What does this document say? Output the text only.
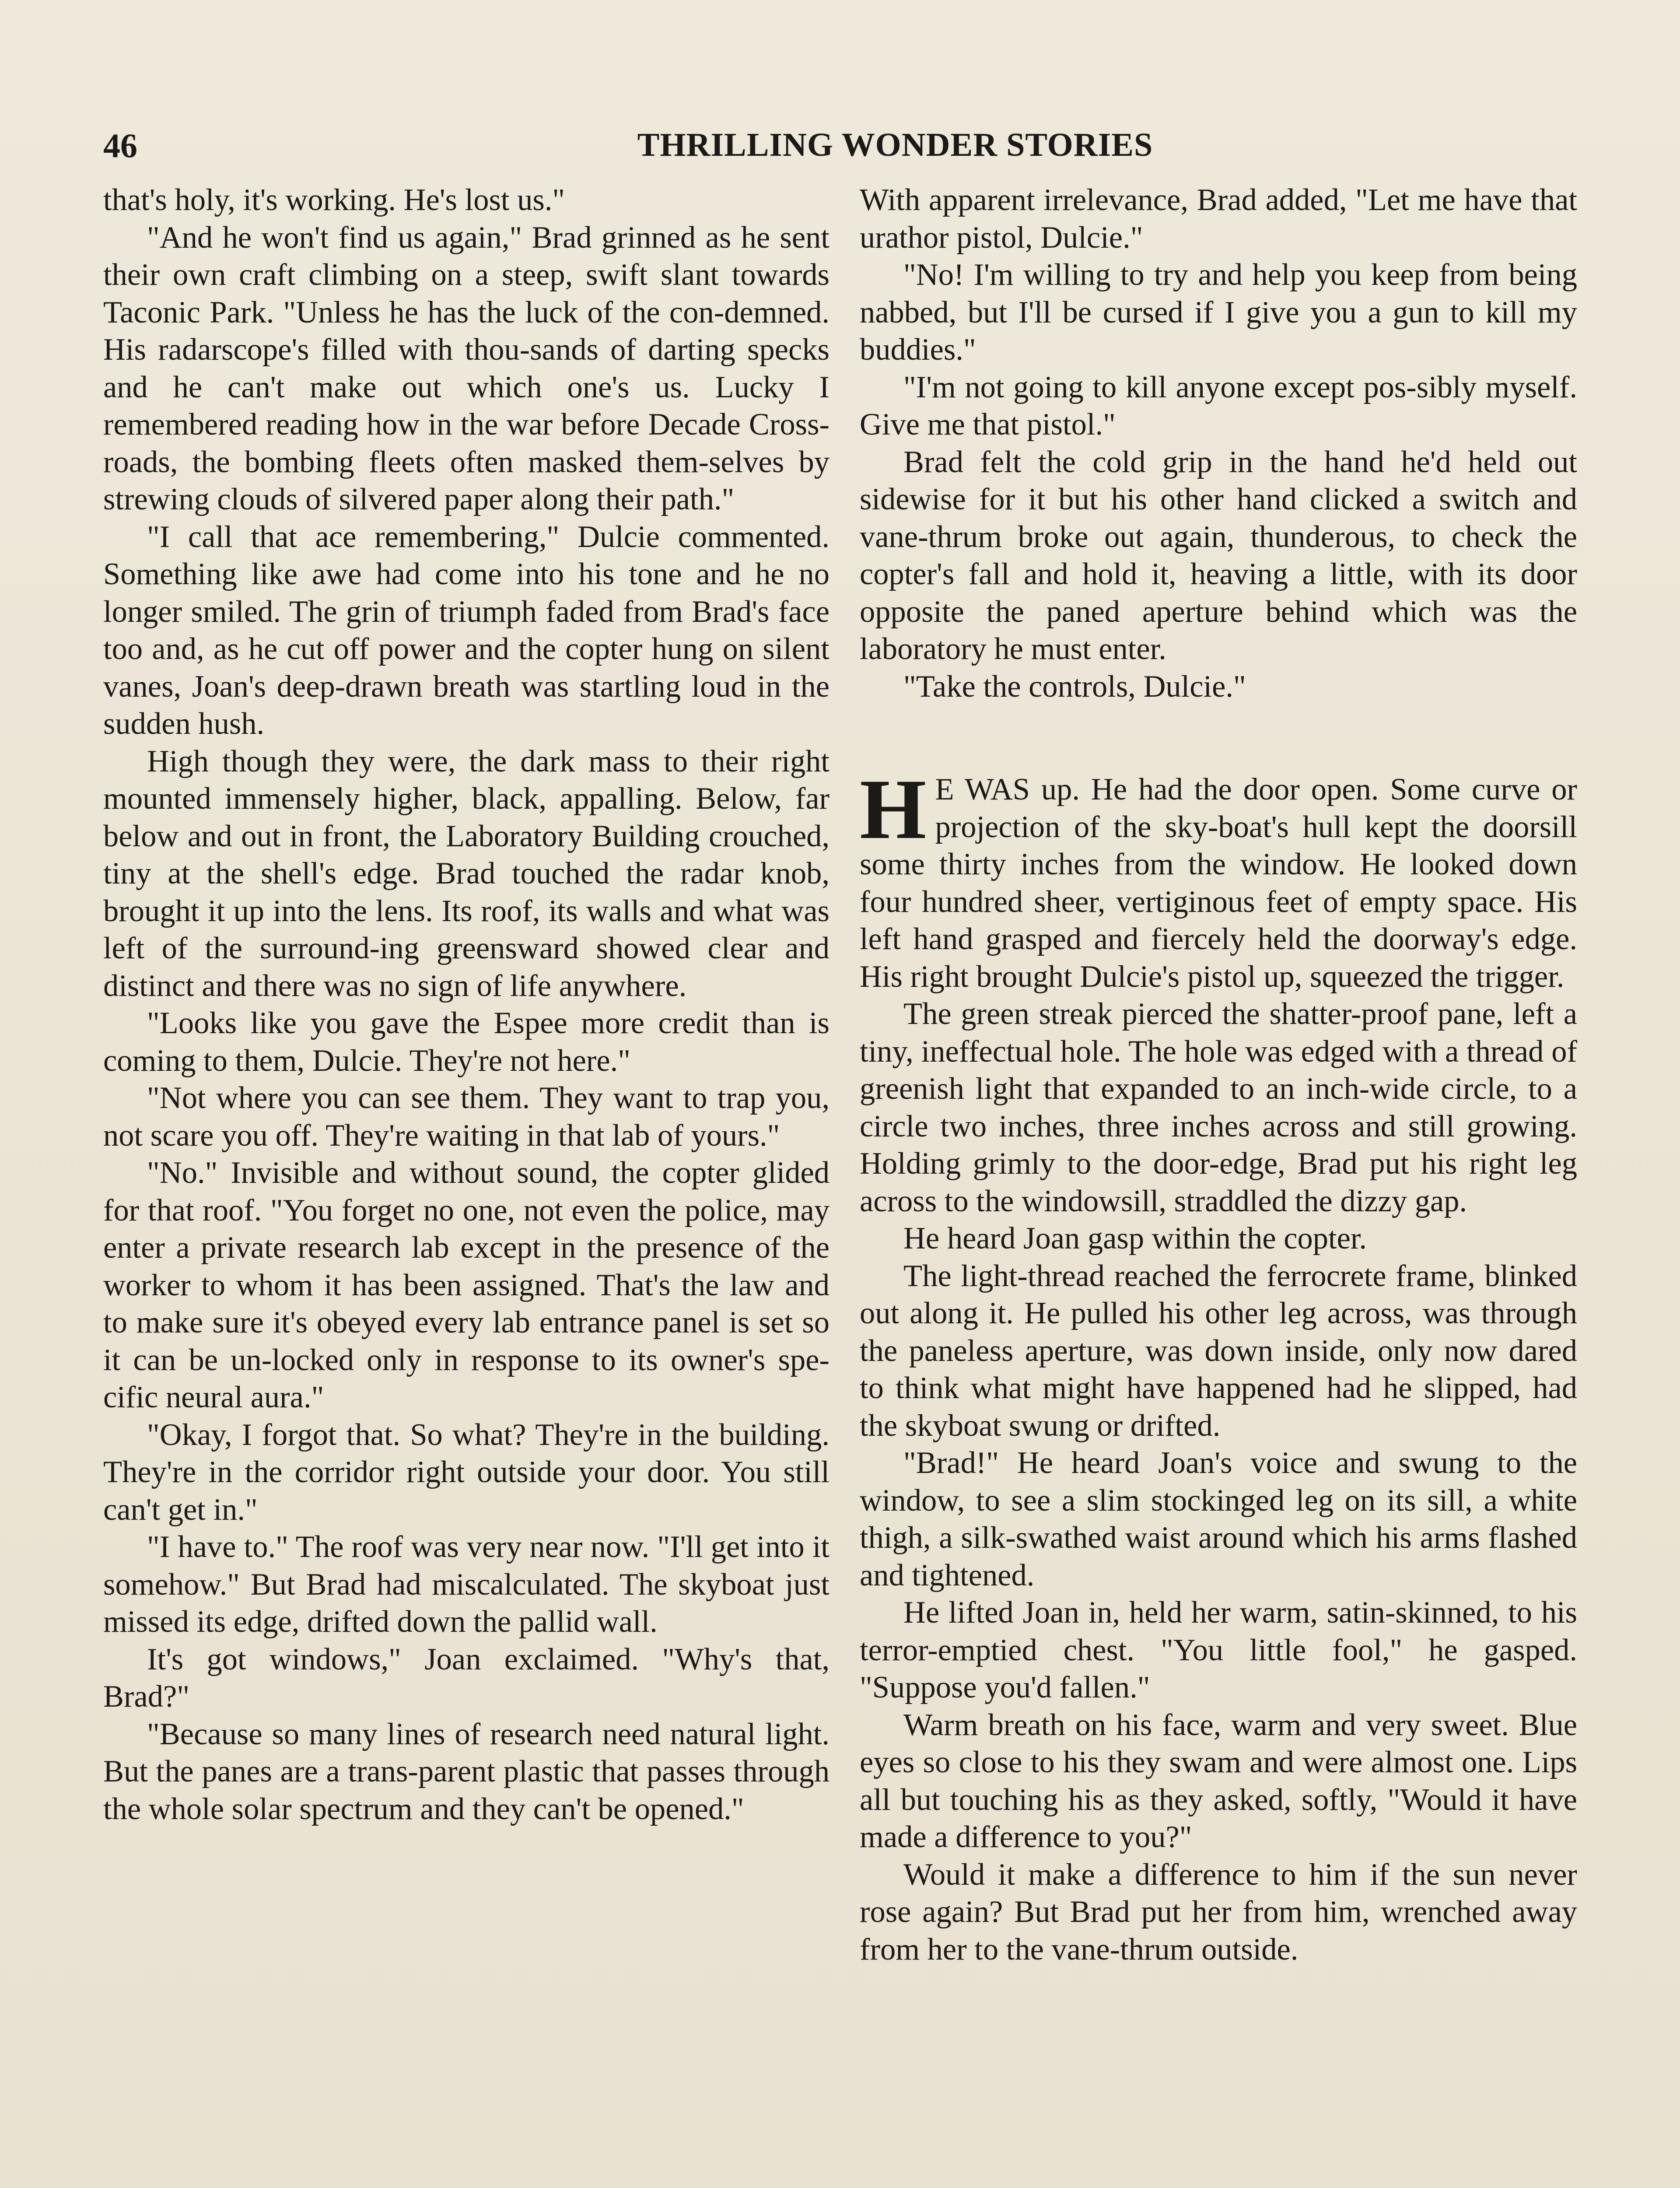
46	THRILLING WONDER STORIES

that's holy, it's working. He's lost us."

"And he won't find us again," Brad grinned as he sent their own craft climbing on a steep, swift slant towards Taconic Park. "Unless he has the luck of the con-demned. His radarscope's filled with thou-sands of darting specks and he can't make out which one's us. Lucky I remembered reading how in the war before Decade Cross-roads, the bombing fleets often masked them-selves by strewing clouds of silvered paper along their path."

"I call that ace remembering," Dulcie commented. Something like awe had come into his tone and he no longer smiled. The grin of triumph faded from Brad's face too and, as he cut off power and the copter hung on silent vanes, Joan's deep-drawn breath was startling loud in the sudden hush.

High though they were, the dark mass to their right mounted immensely higher, black, appalling. Below, far below and out in front, the Laboratory Building crouched, tiny at the shell's edge. Brad touched the radar knob, brought it up into the lens. Its roof, its walls and what was left of the surround-ing greensward showed clear and distinct and there was no sign of life anywhere.

"Looks like you gave the Espee more credit than is coming to them, Dulcie. They're not here."

"Not where you can see them. They want to trap you, not scare you off. They're waiting in that lab of yours."

"No." Invisible and without sound, the copter glided for that roof. "You forget no one, not even the police, may enter a private research lab except in the presence of the worker to whom it has been assigned. That's the law and to make sure it's obeyed every lab entrance panel is set so it can be un-locked only in response to its owner's spe-cific neural aura."

"Okay, I forgot that. So what? They're in the building. They're in the corridor right outside your door. You still can't get in."

"I have to." The roof was very near now. "I'll get into it somehow." But Brad had miscalculated. The skyboat just missed its edge, drifted down the pallid wall.

It's got windows," Joan exclaimed. "Why's that, Brad?"

"Because so many lines of research need natural light. But the panes are a trans-parent plastic that passes through the whole solar spectrum and they can't be opened."

With apparent irrelevance, Brad added, "Let me have that urathor pistol, Dulcie."

"No! I'm willing to try and help you keep from being nabbed, but I'll be cursed if I give you a gun to kill my buddies."

"I'm not going to kill anyone except pos-sibly myself. Give me that pistol."

Brad felt the cold grip in the hand he'd held out sidewise for it but his other hand clicked a switch and vane-thrum broke out again, thunderous, to check the copter's fall and hold it, heaving a little, with its door opposite the paned aperture behind which was the laboratory he must enter.

"Take the controls, Dulcie."

H E WAS up. He had the door open. Some curve or projection of the sky-boat's hull kept the doorsill some thirty inches from the window. He looked down four hundred sheer, vertiginous feet of empty space. His left hand grasped and fiercely held the doorway's edge. His right brought Dulcie's pistol up, squeezed the trigger.

The green streak pierced the shatter-proof pane, left a tiny, ineffectual hole. The hole was edged with a thread of greenish light that expanded to an inch-wide circle, to a circle two inches, three inches across and still growing. Holding grimly to the door-edge, Brad put his right leg across to the windowsill, straddled the dizzy gap.

He heard Joan gasp within the copter.

The light-thread reached the ferrocrete frame, blinked out along it. He pulled his other leg across, was through the paneless aperture, was down inside, only now dared to think what might have happened had he slipped, had the skyboat swung or drifted.

"Brad!" He heard Joan's voice and swung to the window, to see a slim stockinged leg on its sill, a white thigh, a silk-swathed waist around which his arms flashed and tightened.

He lifted Joan in, held her warm, satin-skinned, to his terror-emptied chest. "You little fool," he gasped. "Suppose you'd fallen."

Warm breath on his face, warm and very sweet. Blue eyes so close to his they swam and were almost one. Lips all but touching his as they asked, softly, "Would it have made a difference to you?"

Would it make a difference to him if the sun never rose again? But Brad put her from him, wrenched away from her to the vane-thrum outside.
